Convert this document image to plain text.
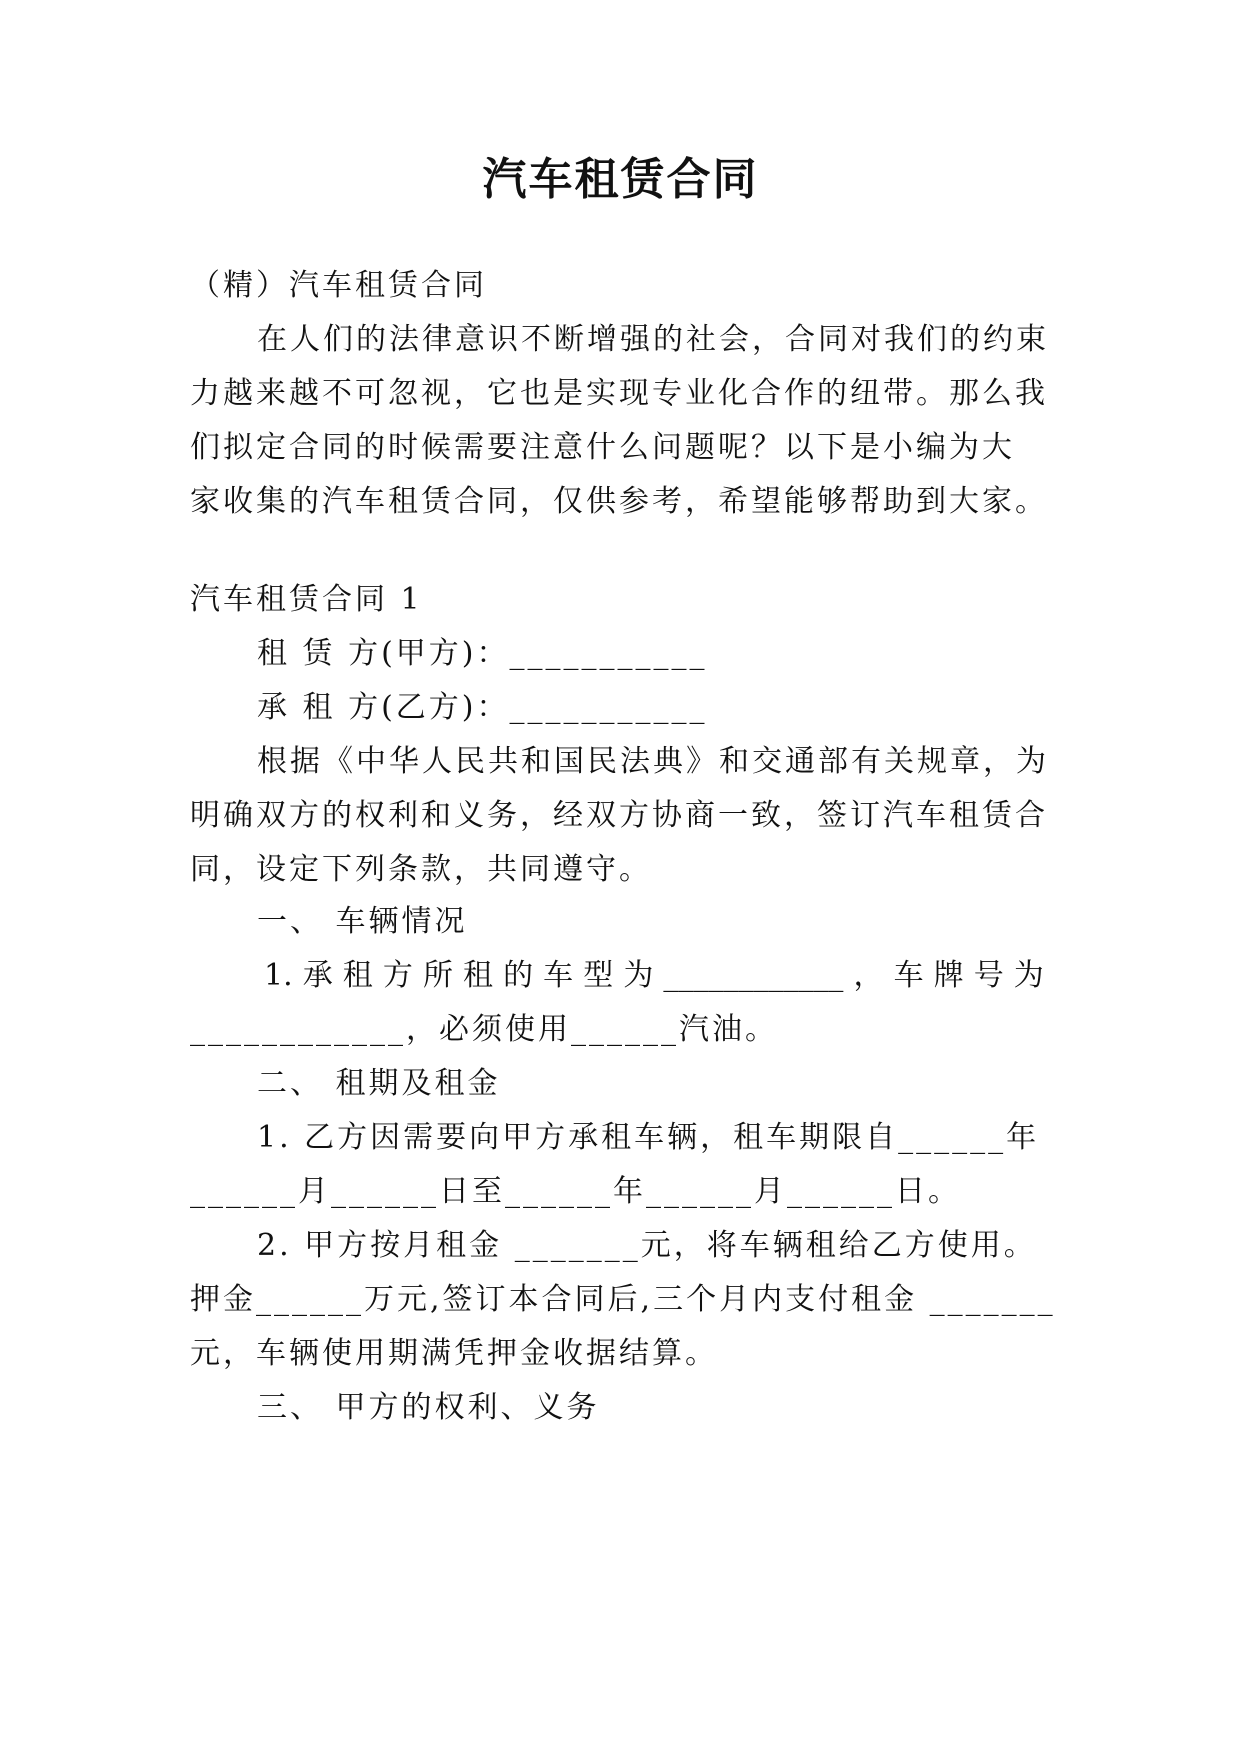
汽车租赁合同
（精）汽车租赁合同
在人们的法律意识不断增强的社会，合同对我们的约束
力越来越不可忽视，它也是实现专业化合作的纽带。那么我
们拟定合同的时候需要注意什么问题呢？以下是小编为大
家收集的汽车租赁合同，仅供参考，希望能够帮助到大家。
汽车租赁合同 1
租 赁 方(甲方)：___________
承 租 方(乙方)：___________
根据《中华人民共和国民法典》和交通部有关规章，为
明确双方的权利和义务，经双方协商一致，签订汽车租赁合
同，设定下列条款，共同遵守。
一、 车辆情况
1. 承 租 方 所 租 的 车 型 为 ____________ ， 车 牌 号 为
____________，必须使用______汽油。
二、 租期及租金
1. 乙方因需要向甲方承租车辆，租车期限自______年
______月______日至______年______月______日。
2. 甲方按月租金 _______元，将车辆租给乙方使用。
押金______万元,签订本合同后,三个月内支付租金 _______
元，车辆使用期满凭押金收据结算。
三、 甲方的权利、义务
